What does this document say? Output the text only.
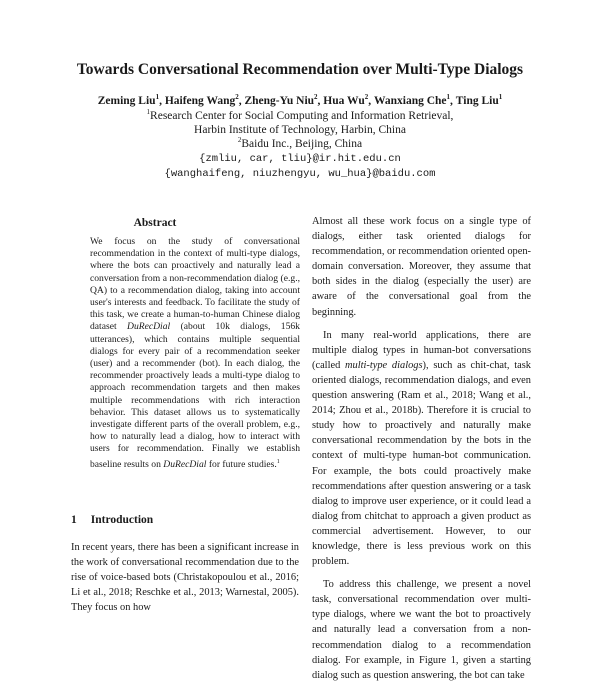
Towards Conversational Recommendation over Multi-Type Dialogs
Zeming Liu$^1$, Haifeng Wang$^2$, Zheng-Yu Niu$^2$, Hua Wu$^2$, Wanxiang Che$^1$, Ting Liu$^1$
$^1$Research Center for Social Computing and Information Retrieval,
Harbin Institute of Technology, Harbin, China
$^2$Baidu Inc., Beijing, China
{zmliu, car, tliu}@ir.hit.edu.cn
{wanghaifeng, niuzhengyu, wu_hua}@baidu.com
Abstract
We focus on the study of conversational recommendation in the context of multi-type dialogs, where the bots can proactively and naturally lead a conversation from a non-recommendation dialog (e.g., QA) to a recommendation dialog, taking into account user's interests and feedback. To facilitate the study of this task, we create a human-to-human Chinese dialog dataset DuRecDial (about 10k dialogs, 156k utterances), which contains multiple sequential dialogs for every pair of a recommendation seeker (user) and a recommender (bot). In each dialog, the recommender proactively leads a multi-type dialog to approach recommendation targets and then makes multiple recommendations with rich interaction behavior. This dataset allows us to systematically investigate different parts of the overall problem, e.g., how to naturally lead a dialog, how to interact with users for recommendation. Finally we establish baseline results on DuRecDial for future studies.$^1$
1 Introduction
In recent years, there has been a significant increase in the work of conversational recommendation due to the rise of voice-based bots (Christakopoulou et al., 2016; Li et al., 2018; Reschke et al., 2013; Warnestal, 2005). They focus on how

Almost all these work focus on a single type of dialogs, either task oriented dialogs for recommendation, or recommendation oriented open-domain conversation. Moreover, they assume that both sides in the dialog (especially the user) are aware of the conversational goal from the beginning.

In many real-world applications, there are multiple dialog types in human-bot conversations (called multi-type dialogs), such as chit-chat, task oriented dialogs, recommendation dialogs, and even question answering (Ram et al., 2018; Wang et al., 2014; Zhou et al., 2018b). Therefore it is crucial to study how to proactively and naturally make conversational recommendation by the bots in the context of multi-type human-bot communication. For example, the bots could proactively make recommendations after question answering or a task dialog to improve user experience, or it could lead a dialog from chitchat to approach a given product as commercial advertisement. However, to our knowledge, there is less previous work on this problem.

To address this challenge, we present a novel task, conversational recommendation over multi-type dialogs, where we want the bot to proactively and naturally lead a conversation from a non-recommendation dialog to a recommendation dialog. For example, in Figure 1, given a starting dialog such as question answering, the bot can take
